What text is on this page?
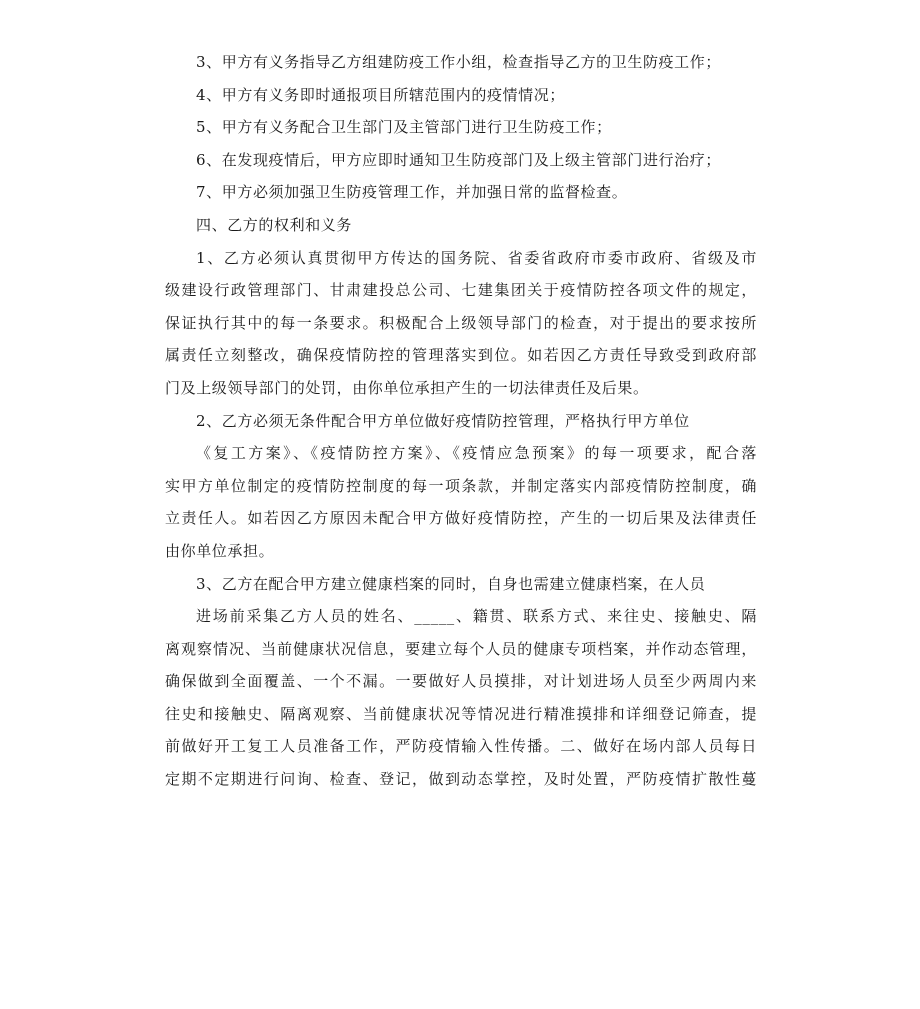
3、甲方有义务指导乙方组建防疫工作小组，检查指导乙方的卫生防疫工作；
4、甲方有义务即时通报项目所辖范围内的疫情情况；
5、甲方有义务配合卫生部门及主管部门进行卫生防疫工作；
6、在发现疫情后，甲方应即时通知卫生防疫部门及上级主管部门进行治疗；
7、甲方必须加强卫生防疫管理工作，并加强日常的监督检查。
四、乙方的权利和义务
1、乙方必须认真贯彻甲方传达的国务院、省委省政府市委市政府、省级及市
级建设行政管理部门、甘肃建投总公司、七建集团关于疫情防控各项文件的规定，
保证执行其中的每一条要求。积极配合上级领导部门的检查，对于提出的要求按所
属责任立刻整改，确保疫情防控的管理落实到位。如若因乙方责任导致受到政府部
门及上级领导部门的处罚，由你单位承担产生的一切法律责任及后果。
2、乙方必须无条件配合甲方单位做好疫情防控管理，严格执行甲方单位
《复工方案》、《疫情防控方案》、《疫情应急预案》的每一项要求，配合落
实甲方单位制定的疫情防控制度的每一项条款，并制定落实内部疫情防控制度，确
立责任人。如若因乙方原因未配合甲方做好疫情防控，产生的一切后果及法律责任
由你单位承担。
3、乙方在配合甲方建立健康档案的同时，自身也需建立健康档案，在人员
进场前采集乙方人员的姓名、_____、籍贯、联系方式、来往史、接触史、隔
离观察情况、当前健康状况信息，要建立每个人员的健康专项档案，并作动态管理，
确保做到全面覆盖、一个不漏。一要做好人员摸排，对计划进场人员至少两周内来
往史和接触史、隔离观察、当前健康状况等情况进行精准摸排和详细登记筛查，提
前做好开工复工人员准备工作，严防疫情输入性传播。二、做好在场内部人员每日
定期不定期进行问询、检查、登记，做到动态掌控，及时处置，严防疫情扩散性蔓
